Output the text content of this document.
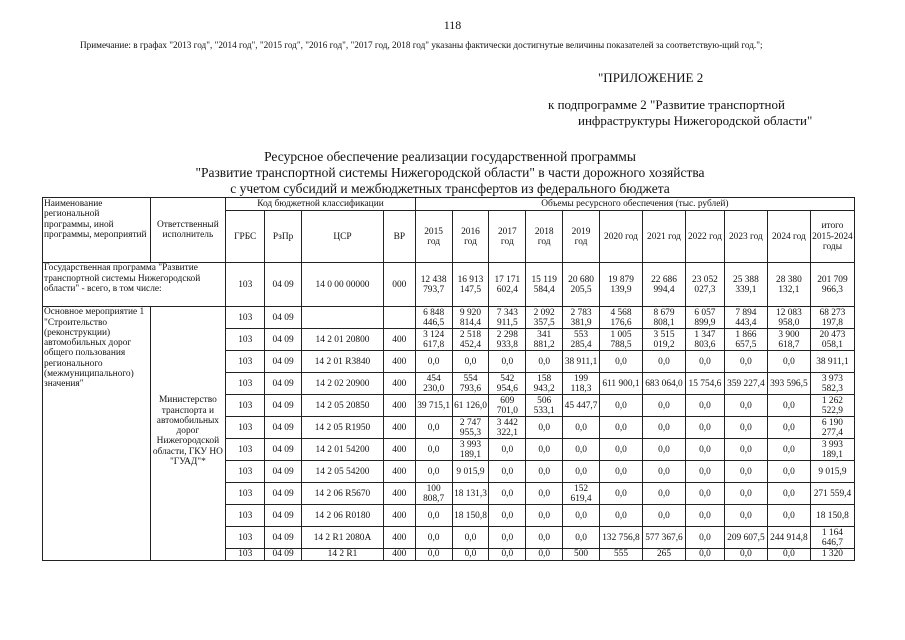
118
Примечание: в графах "2013 год", "2014 год", "2015 год", "2016 год", "2017 год, 2018 год" указаны фактически достигнутые величины показателей за соответствую-щий год.";
"ПРИЛОЖЕНИЕ 2
к подпрограмме 2 "Развитие транспортной
инфраструктуры Нижегородской области"
Ресурсное обеспечение реализации государственной программы
"Развитие транспортной системы Нижегородской области" в части дорожного хозяйства
с учетом субсидий и межбюджетных трансфертов из федерального бюджета
Наименование региональной программы, иной программы, мероприятий	Ответственный исполнитель	Код бюджетной классификации				Объемы ресурсного обеспечения (тыс. рублей)										
		ГРБС	РзПр	ЦСР	ВР	2015 год	2016 год	2017 год	2018 год	2019 год	2020 год	2021 год	2022 год	2023 год	2024 год	итого 2015-2024 годы
Государственная программа "Развитие транспортной системы Нижегородской области" - всего, в том числе:		103	04 09	14 0 00 00000	000	12 438 793,7	16 913 147,5	17 171 602,4	15 119 584,4	20 680 205,5	19 879 139,9	22 686 994,4	23 052 027,3	25 388 339,1	28 380 132,1	201 709 966,3
Основное мероприятие 1 "Строительство (реконструкции) автомобильных дорог общего пользования регионального (межмуниципального) значения"	Министерство транспорта и автомобильных дорог Нижегородской области, ГКУ НО "ГУАД"*	103	04 09			6 848 446,5	9 920 814,4	7 343 911,5	2 092 357,5	2 783 381,9	4 568 176,6	8 679 808,1	6 057 899,9	7 894 443,4	12 083 958,0	68 273 197,8
		103	04 09	14 2 01 20800	400	3 124 617,8	2 518 452,4	2 298 933,8	341 881,2	553 285,4	1 005 788,5	3 515 019,2	1 347 803,6	1 866 657,5	3 900 618,7	20 473 058,1
		103	04 09	14 2 01 R3840	400	0,0	0,0	0,0	0,0	38 911,1	0,0	0,0	0,0	0,0	0,0	38 911,1
		103	04 09	14 2 02 20900	400	454 230,0	554 793,6	542 954,6	158 943,2	199 118,3	611 900,1	683 064,0	15 754,6	359 227,4	393 596,5	3 973 582,3
		103	04 09	14 2 05 20850	400	39 715,1	61 126,0	609 701,0	506 533,1	45 447,7	0,0	0,0	0,0	0,0	0,0	1 262 522,9
		103	04 09	14 2 05 R1950	400	0,0	2 747 955,3	3 442 322,1	0,0	0,0	0,0	0,0	0,0	0,0	0,0	6 190 277,4
		103	04 09	14 2 01 54200	400	0,0	3 993 189,1	0,0	0,0	0,0	0,0	0,0	0,0	0,0	0,0	3 993 189,1
		103	04 09	14 2 05 54200	400	0,0	9 015,9	0,0	0,0	0,0	0,0	0,0	0,0	0,0	0,0	9 015,9
		103	04 09	14 2 06 R5670	400	100 808,7	18 131,3	0,0	0,0	152 619,4	0,0	0,0	0,0	0,0	0,0	271 559,4
		103	04 09	14 2 06 R0180	400	0,0	18 150,8	0,0	0,0	0,0	0,0	0,0	0,0	0,0	0,0	18 150,8
		103	04 09	14 2 R1 2080A	400	0,0	0,0	0,0	0,0	0,0	132 756,8	577 367,6	0,0	209 607,5	244 914,8	1 164 646,7
		103	04 09	14 2 R1	400	0,0	0,0	0,0	0,0	500	555	265	0,0	0,0	0,0	1 320
